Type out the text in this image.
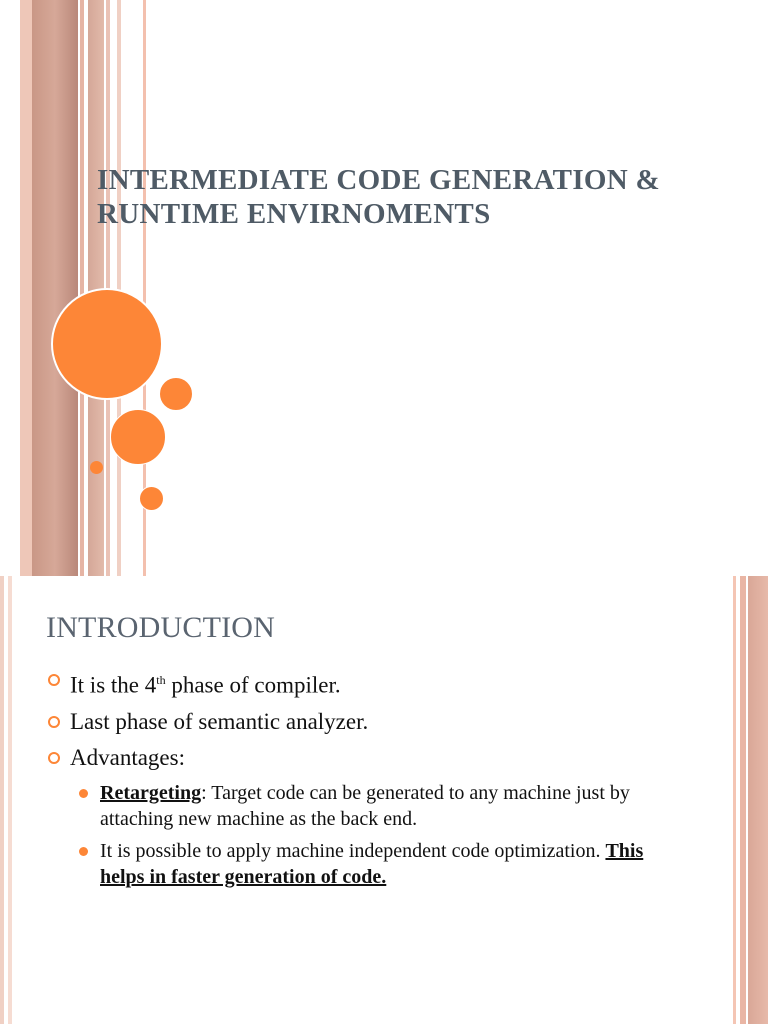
INTERMEDIATE CODE GENERATION &
RUNTIME ENVIRNOMENTS
INTRODUCTION
It is the 4th phase of compiler.
Last phase of semantic analyzer.
Advantages:
Retargeting: Target code can be generated to any machine just by attaching new machine as the back end.
It is possible to apply machine independent code optimization. This helps in faster generation of code.
